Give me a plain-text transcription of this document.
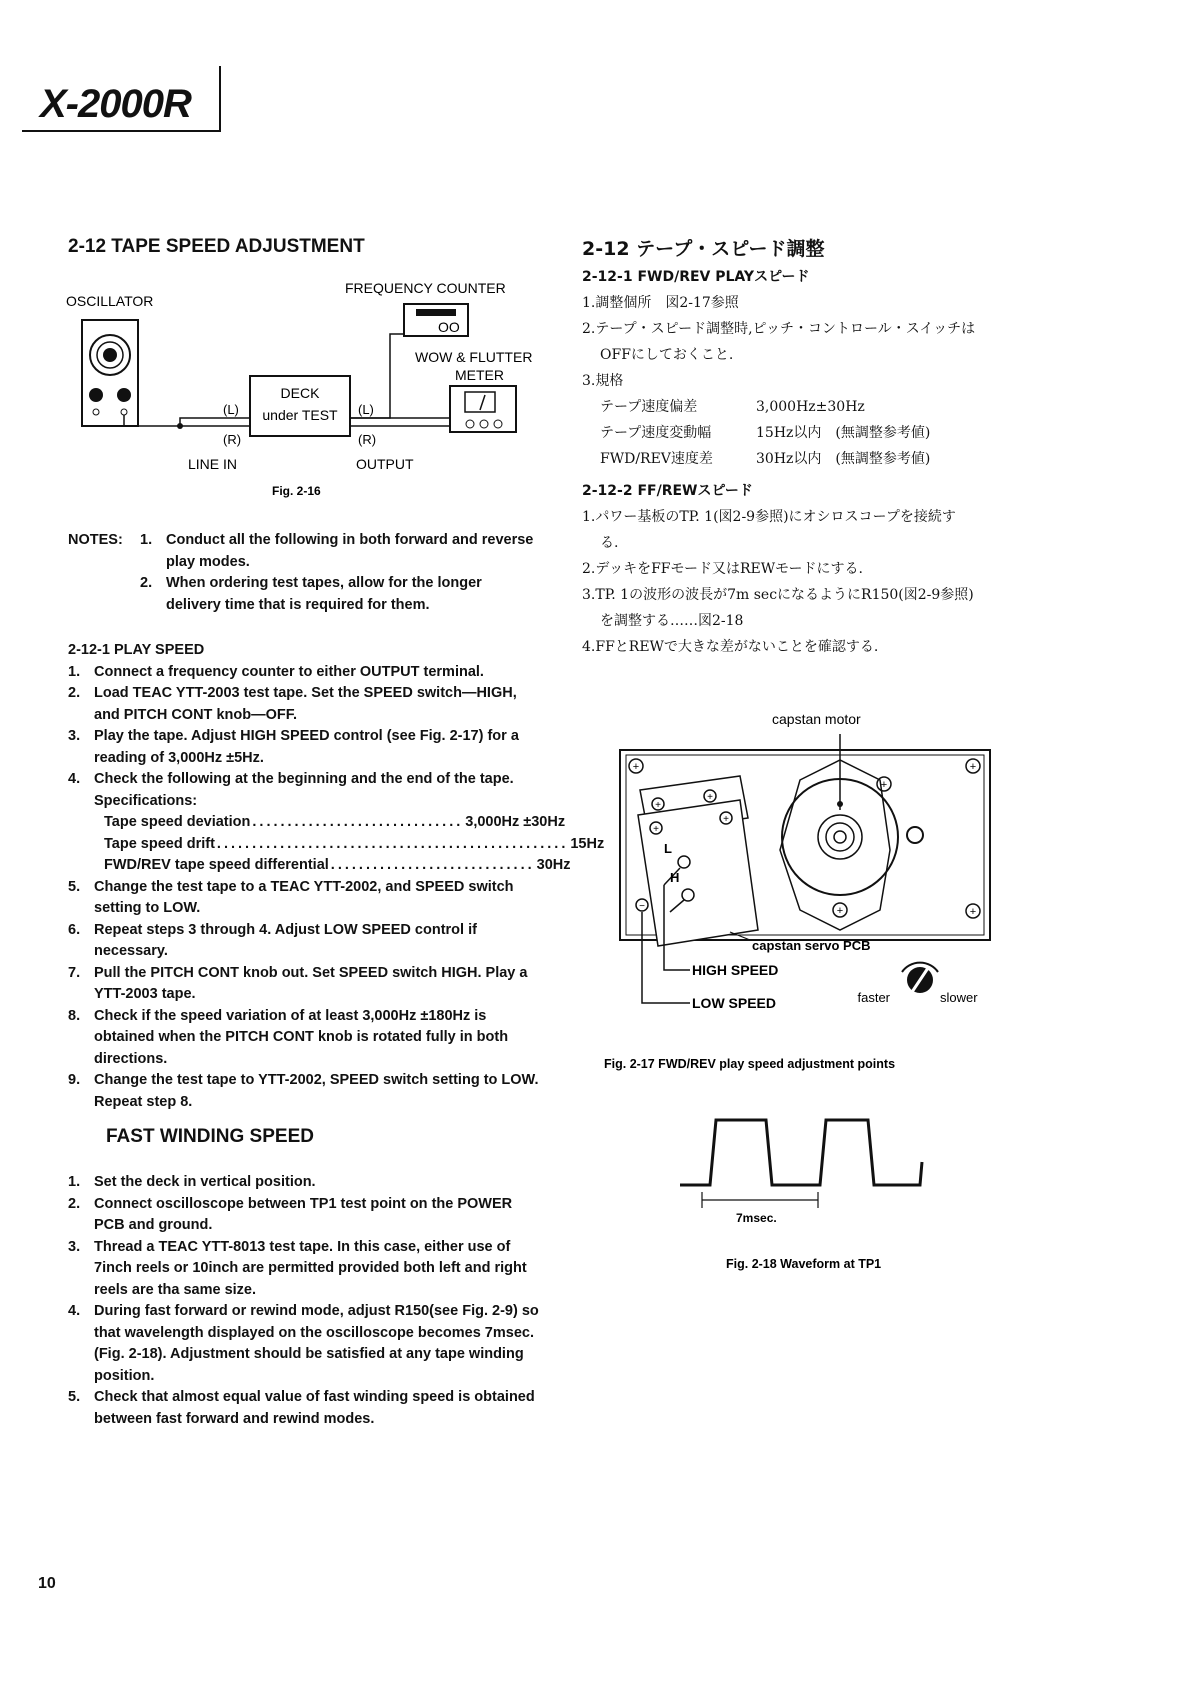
X-2000R
2-12 TAPE SPEED ADJUSTMENT
OSCILLATOR
FREQUENCY COUNTER
OO
DECK
under TEST
WOW & FLUTTER
METER
(L)
(R)
(L)
(R)
LINE IN	OUTPUT
Fig. 2-16
NOTES: 1. Conduct all the following in both forward and reverse play modes.
2. When ordering test tapes, allow for the longer delivery time that is required for them.
2-12-1 PLAY SPEED
1. Connect a frequency counter to either OUTPUT terminal.
2. Load TEAC YTT-2003 test tape. Set the SPEED switch—HIGH, and PITCH CONT knob—OFF.
3. Play the tape. Adjust HIGH SPEED control (see Fig. 2-17) for a reading of 3,000Hz ±5Hz.
4. Check the following at the beginning and the end of the tape.
Specifications:
Tape speed deviation .............................. 3,000Hz ±30Hz
Tape speed drift .................................................. 15Hz
FWD/REV tape speed differential ............................. 30Hz
5. Change the test tape to a TEAC YTT-2002, and SPEED switch setting to LOW.
6. Repeat steps 3 through 4. Adjust LOW SPEED control if necessary.
7. Pull the PITCH CONT knob out. Set SPEED switch HIGH. Play a YTT-2003 tape.
8. Check if the speed variation of at least 3,000Hz ±180Hz is obtained when the PITCH CONT knob is rotated fully in both directions.
9. Change the test tape to YTT-2002, SPEED switch setting to LOW. Repeat step 8.
FAST WINDING SPEED
1. Set the deck in vertical position.
2. Connect oscilloscope between TP1 test point on the POWER PCB and ground.
3. Thread a TEAC YTT-8013 test tape. In this case, either use of 7inch reels or 10inch are permitted provided both left and right reels are tha same size.
4. During fast forward or rewind mode, adjust R150(see Fig. 2-9) so that wavelength displayed on the oscilloscope becomes 7msec. (Fig. 2-18). Adjustment should be satisfied at any tape winding position.
5. Check that almost equal value of fast winding speed is obtained between fast forward and rewind modes.
2-12 テープ・スピード調整
2-12-1 FWD/REV PLAYスピード
1.調整個所　図2-17参照
2.テープ・スピード調整時,ピッチ・コントロール・スイッチは
OFFにしておくこと.
3.規格
テープ速度偏差	3,000Hz±30Hz
テープ速度変動幅	15Hz以内　(無調整参考値)
FWD/REV速度差	30Hz以内　(無調整参考値)
2-12-2 FF/REWスピード
1.パワー基板のTP. 1(図2-9参照)にオシロスコープを接続す
る.
2.デッキをFFモード又はREWモードにする.
3.TP. 1の波形の波長が7m secになるようにR150(図2-9参照)
を調整する……図2-18
4.FFとREWで大きな差がないことを確認する.
capstan motor
+	+
+
+
+
+
+
+
+
L
H
−
capstan servo PCB
HIGH SPEED
LOW SPEED	faster	slower
Fig. 2-17 FWD/REV play speed adjustment points
7msec.
Fig. 2-18 Waveform at TP1
10
